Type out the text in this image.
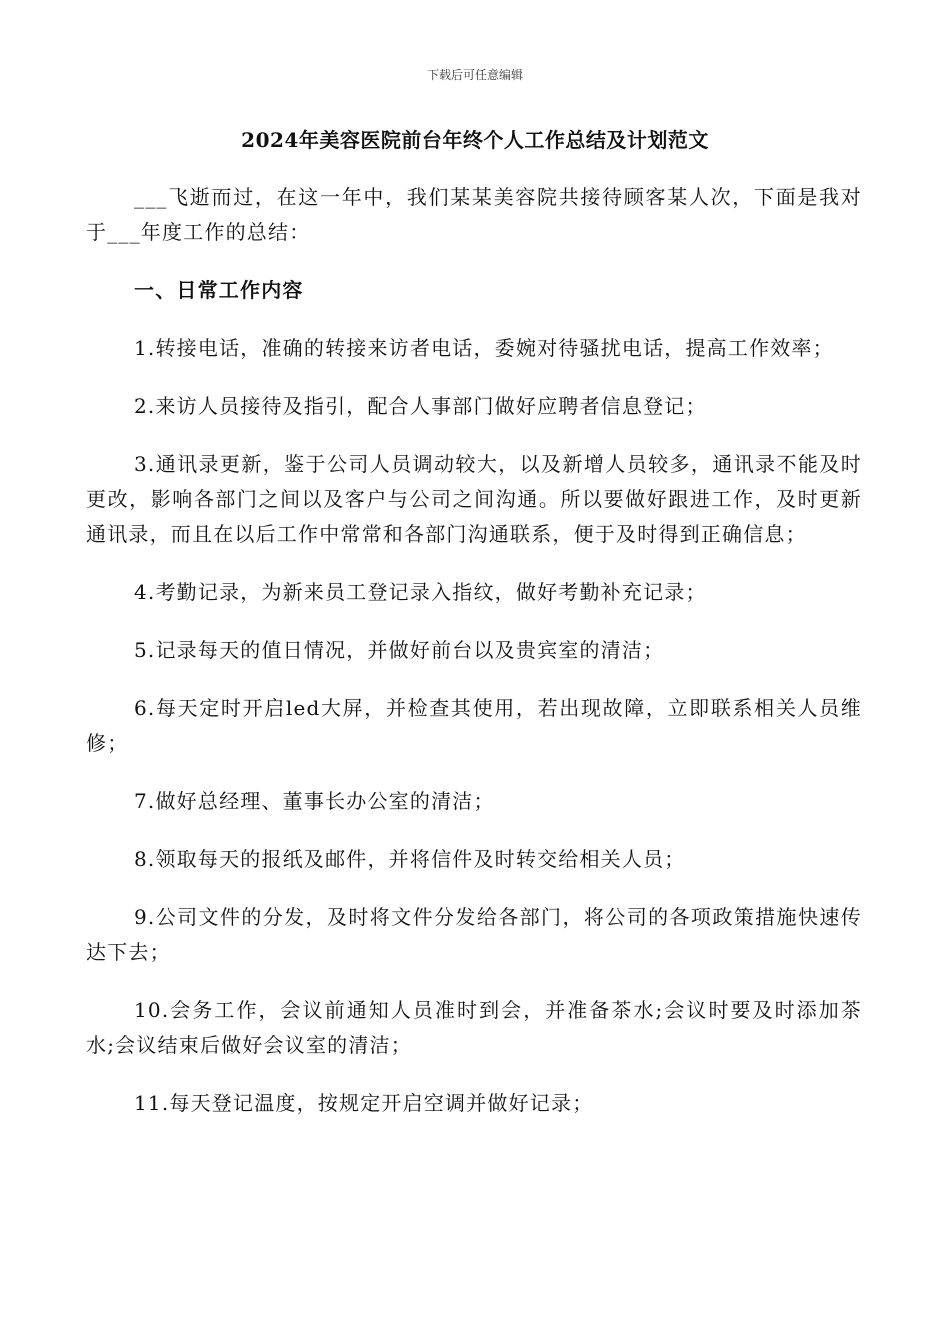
下载后可任意编辑
2024年美容医院前台年终个人工作总结及计划范文

___飞逝而过，在这一年中，我们某某美容院共接待顾客某人次，下面是我对于___年度工作的总结：

一、日常工作内容

1.转接电话，准确的转接来访者电话，委婉对待骚扰电话，提高工作效率；

2.来访人员接待及指引，配合人事部门做好应聘者信息登记；

3.通讯录更新，鉴于公司人员调动较大，以及新增人员较多，通讯录不能及时更改，影响各部门之间以及客户与公司之间沟通。所以要做好跟进工作，及时更新通讯录，而且在以后工作中常常和各部门沟通联系，便于及时得到正确信息；

4.考勤记录，为新来员工登记录入指纹，做好考勤补充记录；

5.记录每天的值日情况，并做好前台以及贵宾室的清洁；

6.每天定时开启led大屏，并检查其使用，若出现故障，立即联系相关人员维修；

7.做好总经理、董事长办公室的清洁；

8.领取每天的报纸及邮件，并将信件及时转交给相关人员；

9.公司文件的分发，及时将文件分发给各部门，将公司的各项政策措施快速传达下去；

10.会务工作，会议前通知人员准时到会，并准备茶水;会议时要及时添加茶水;会议结束后做好会议室的清洁；

11.每天登记温度，按规定开启空调并做好记录；
